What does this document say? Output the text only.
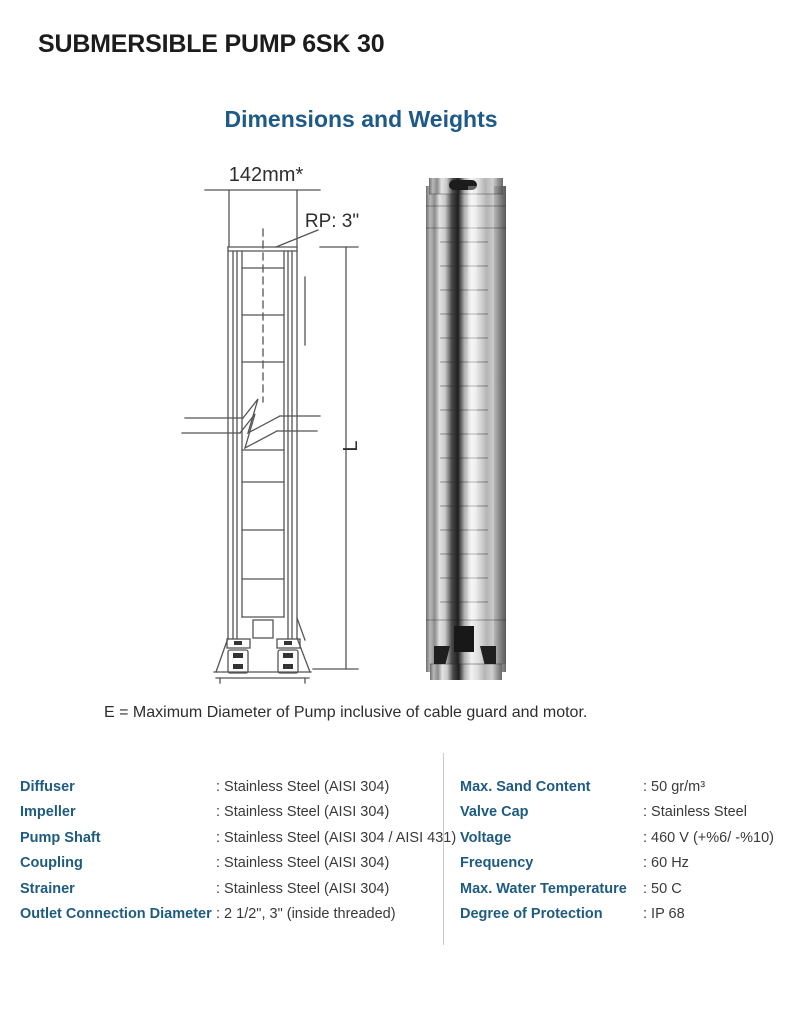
SUBMERSIBLE PUMP 6SK 30
Dimensions and Weights
142mm*
RP: 3"
L
E = Maximum Diameter of Pump inclusive of cable guard and motor.
Diffuser	: Stainless Steel (AISI 304)
Impeller	: Stainless Steel (AISI 304)
Pump Shaft	: Stainless Steel (AISI 304 / AISI 431)
Coupling	: Stainless Steel (AISI 304)
Strainer	: Stainless Steel (AISI 304)
Outlet Connection Diameter : 2 1/2", 3" (inside threaded)
Max. Sand Content	: 50 gr/m³
Valve Cap	: Stainless Steel
Voltage	: 460 V (+%6/ -%10)
Frequency	: 60 Hz
Max. Water Temperature	: 50 C
Degree of Protection	: IP 68
